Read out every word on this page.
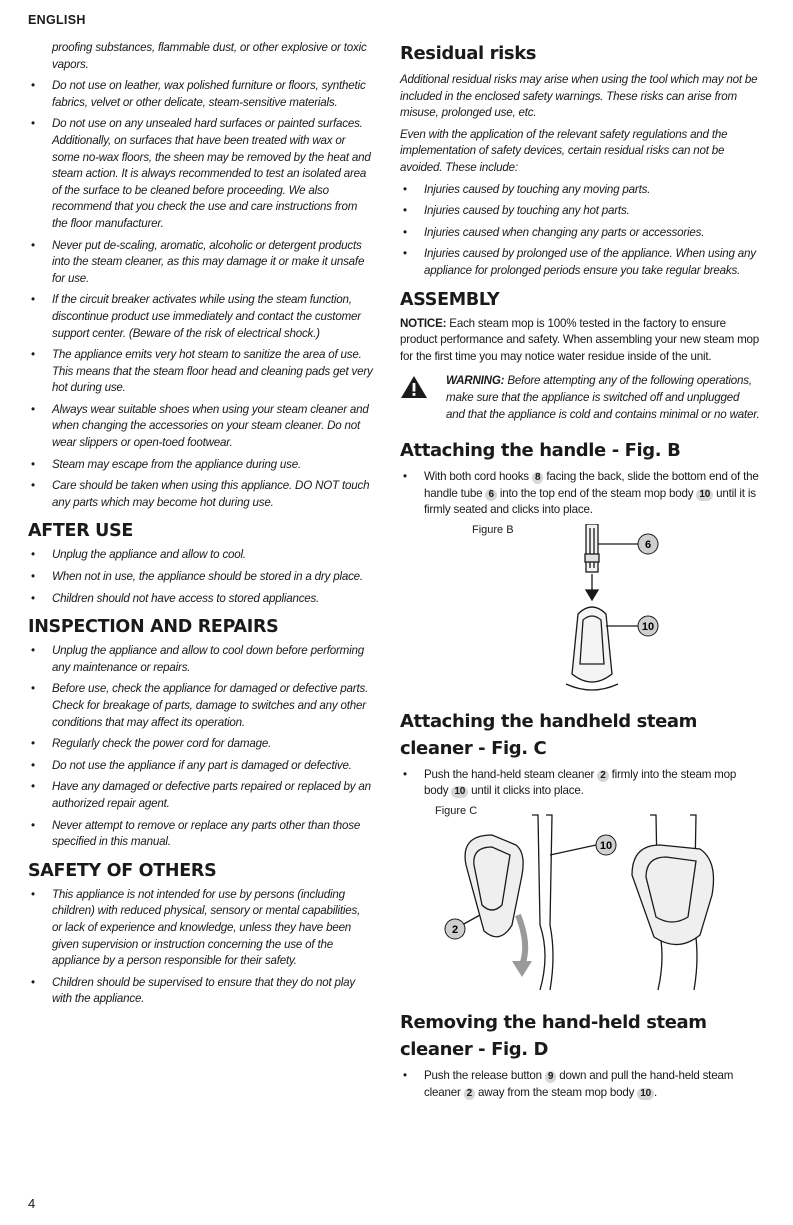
ENGLISH
proofing substances, flammable dust, or other explosive or toxic vapors.
• Do not use on leather, wax polished furniture or floors, synthetic fabrics, velvet or other delicate, steam-sensitive materials.
• Do not use on any unsealed hard surfaces or painted surfaces. Additionally, on surfaces that have been treated with wax or some no-wax floors, the sheen may be removed by the heat and steam action. It is always recommended to test an isolated area of the surface to be cleaned before proceeding. We also recommend that you check the use and care instructions from the floor manufacturer.
• Never put de-scaling, aromatic, alcoholic or detergent products into the steam cleaner, as this may damage it or make it unsafe for use.
• If the circuit breaker activates while using the steam function, discontinue product use immediately and contact the customer support center. (Beware of the risk of electrical shock.)
• The appliance emits very hot steam to sanitize the area of use. This means that the steam floor head and cleaning pads get very hot during use.
• Always wear suitable shoes when using your steam cleaner and when changing the accessories on your steam cleaner. Do not wear slippers or open-toed footwear.
• Steam may escape from the appliance during use.
• Care should be taken when using this appliance. DO NOT touch any parts which may become hot during use.
AFTER USE
• Unplug the appliance and allow to cool.
• When not in use, the appliance should be stored in a dry place.
• Children should not have access to stored appliances.
INSPECTION AND REPAIRS
• Unplug the appliance and allow to cool down before performing any maintenance or repairs.
• Before use, check the appliance for damaged or defective parts. Check for breakage of parts, damage to switches and any other conditions that may affect its operation.
• Regularly check the power cord for damage.
• Do not use the appliance if any part is damaged or defective.
• Have any damaged or defective parts repaired or replaced by an authorized repair agent.
• Never attempt to remove or replace any parts other than those specified in this manual.
SAFETY OF OTHERS
• This appliance is not intended for use by persons (including children) with reduced physical, sensory or mental capabilities, or lack of experience and knowledge, unless they have been given supervision or instruction concerning the use of the appliance by a person responsible for their safety.
• Children should be supervised to ensure that they do not play with the appliance.
Residual risks

Additional residual risks may arise when using the tool which may not be included in the enclosed safety warnings. These risks can arise from misuse, prolonged use, etc.

Even with the application of the relevant safety regulations and the implementation of safety devices, certain residual risks can not be avoided. These include:

• Injuries caused by touching any moving parts.
• Injuries caused by touching any hot parts.
• Injuries caused when changing any parts or accessories.
• Injuries caused by prolonged use of the appliance. When using any appliance for prolonged periods ensure you take regular breaks.
ASSEMBLY

NOTICE: Each steam mop is 100% tested in the factory to ensure product performance and safety. When assembling your new steam mop for the first time you may notice water residue inside of the unit.

WARNING: Before attempting any of the following operations, make sure that the appliance is switched off and unplugged and that the appliance is cold and contains minimal or no water.
Attaching the handle - Fig. B
• With both cord hooks 8 facing the back, slide the bottom end of the handle tube 6 into the top end of the steam mop body 10 until it is firmly seated and clicks into place.
Figure B
6
10
Attaching the handheld steam cleaner - Fig. C
• Push the hand-held steam cleaner 2 firmly into the steam mop body 10 until it clicks into place.
Figure C
10
2
Removing the hand-held steam cleaner - Fig. D
• Push the release button 9 down and pull the hand-held steam cleaner 2 away from the steam mop body 10 .
4
